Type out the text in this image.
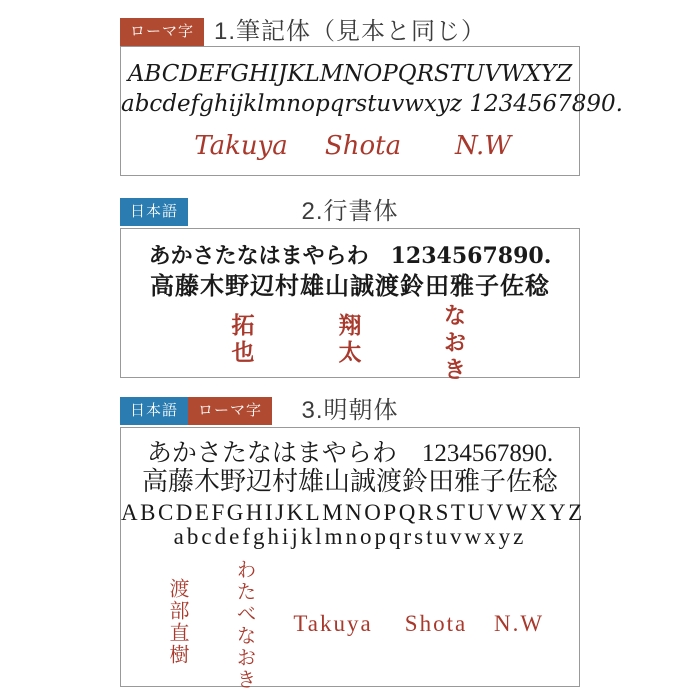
ローマ字 1.筆記体（見本と同じ）
ABCDEFGHIJKLMNOPQRSTUVWXYZ
abcdefghijklmnopqrstuvwxyz 1234567890.
Takuya Shota N.W
日本語	2.行書体
あかさたなはまやらわ　1234567890.
高藤木野辺村雄山誠渡鈴田雅子佐稔
拓也	翔太	なおき
日本語	ローマ字	3.明朝体
あかさたなはまやらわ　1234567890.
高藤木野辺村雄山誠渡鈴田雅子佐稔
ABCDEFGHIJKLMNOPQRSTUVWXYZ
abcdefghijklmnopqrstuvwxyz
渡部直樹 わたべなおき Takuya Shota N.W
